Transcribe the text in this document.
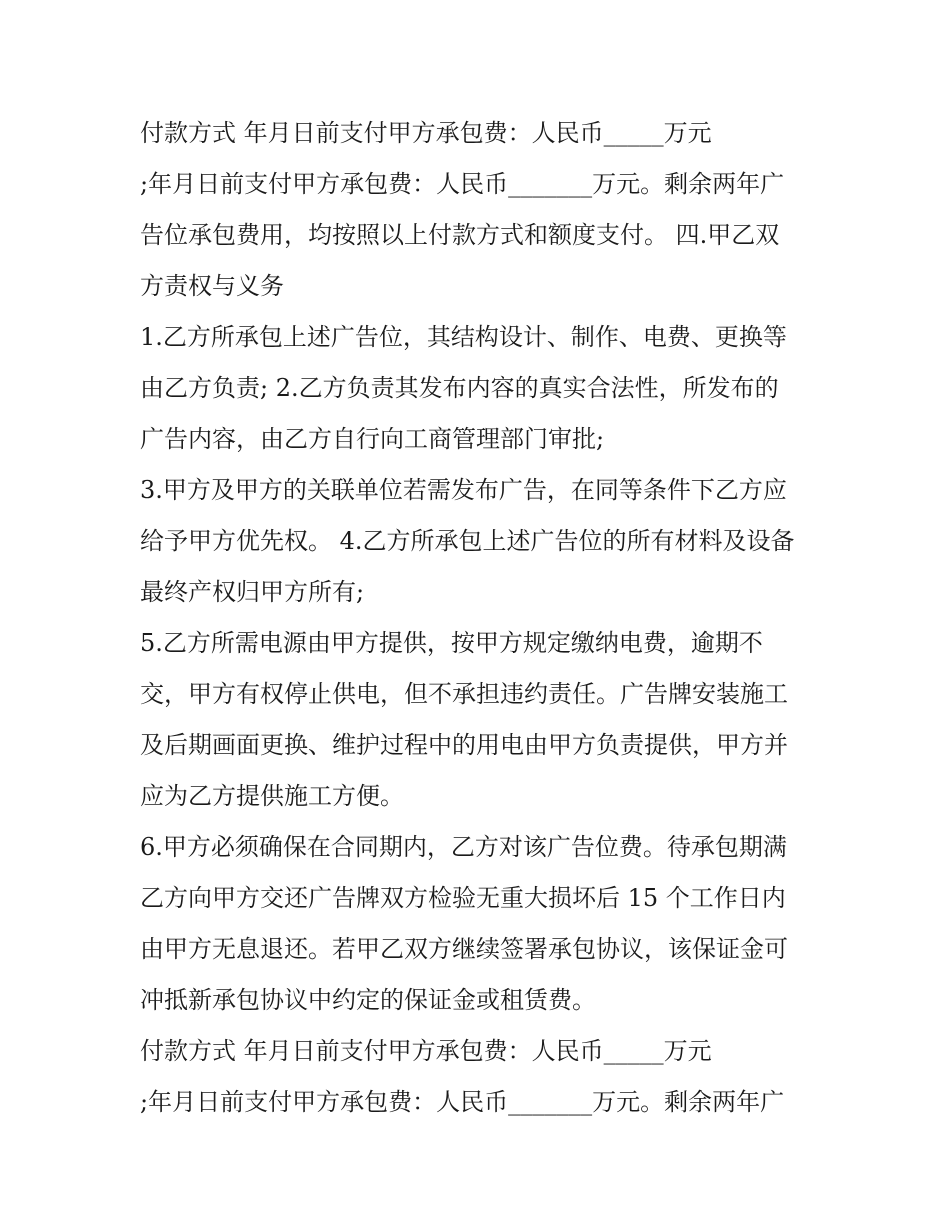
付款方式 年月日前支付甲方承包费：人民币_____万元
;年月日前支付甲方承包费：人民币_______万元。剩余两年广
告位承包费用，均按照以上付款方式和额度支付。 四.甲乙双
方责权与义务
1.乙方所承包上述广告位，其结构设计、制作、电费、更换等
由乙方负责; 2.乙方负责其发布内容的真实合法性，所发布的
广告内容，由乙方自行向工商管理部门审批;
3.甲方及甲方的关联单位若需发布广告，在同等条件下乙方应
给予甲方优先权。 4.乙方所承包上述广告位的所有材料及设备
最终产权归甲方所有;
5.乙方所需电源由甲方提供，按甲方规定缴纳电费，逾期不
交，甲方有权停止供电，但不承担违约责任。广告牌安装施工
及后期画面更换、维护过程中的用电由甲方负责提供，甲方并
应为乙方提供施工方便。
6.甲方必须确保在合同期内，乙方对该广告位费。待承包期满
乙方向甲方交还广告牌双方检验无重大损坏后 15 个工作日内
由甲方无息退还。若甲乙双方继续签署承包协议，该保证金可
冲抵新承包协议中约定的保证金或租赁费。
付款方式 年月日前支付甲方承包费：人民币_____万元
;年月日前支付甲方承包费：人民币_______万元。剩余两年广
